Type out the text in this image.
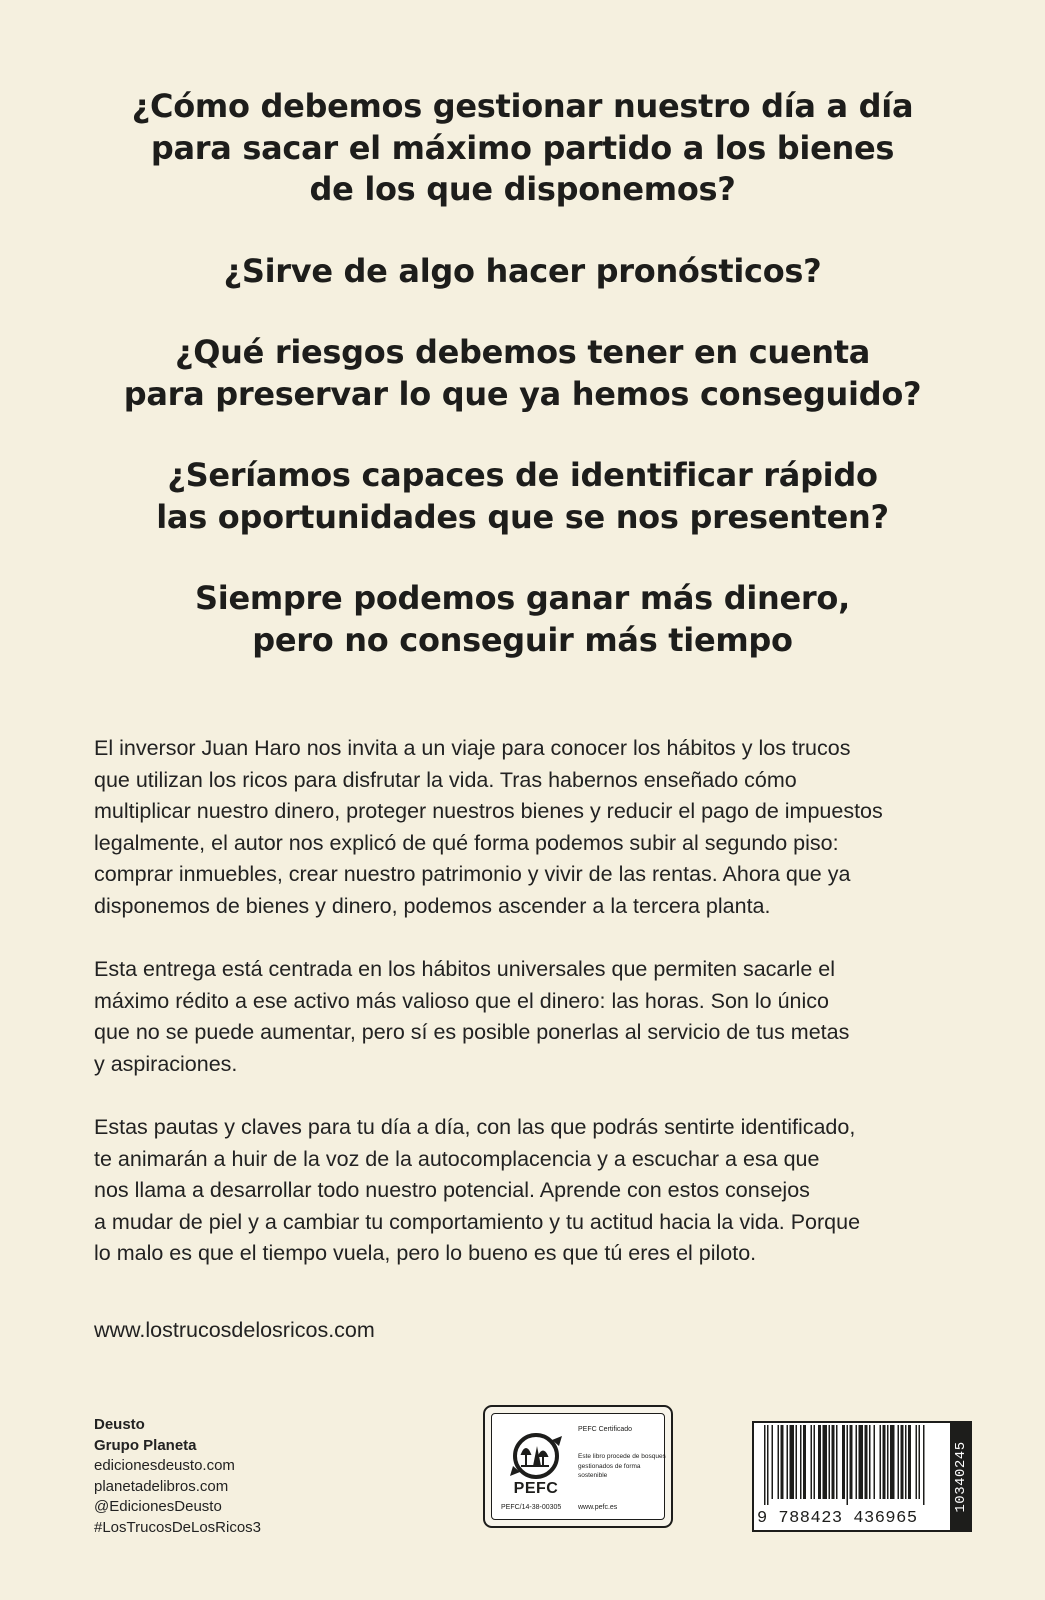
¿Cómo debemos gestionar nuestro día a día
para sacar el máximo partido a los bienes
de los que disponemos?

¿Sirve de algo hacer pronósticos?

¿Qué riesgos debemos tener en cuenta
para preservar lo que ya hemos conseguido?

¿Seríamos capaces de identificar rápido
las oportunidades que se nos presenten?

Siempre podemos ganar más dinero,
pero no conseguir más tiempo

El inversor Juan Haro nos invita a un viaje para conocer los hábitos y los trucos
que utilizan los ricos para disfrutar la vida. Tras habernos enseñado cómo
multiplicar nuestro dinero, proteger nuestros bienes y reducir el pago de impuestos
legalmente, el autor nos explicó de qué forma podemos subir al segundo piso:
comprar inmuebles, crear nuestro patrimonio y vivir de las rentas. Ahora que ya
disponemos de bienes y dinero, podemos ascender a la tercera planta.

Esta entrega está centrada en los hábitos universales que permiten sacarle el
máximo rédito a ese activo más valioso que el dinero: las horas. Son lo único
que no se puede aumentar, pero sí es posible ponerlas al servicio de tus metas
y aspiraciones.

Estas pautas y claves para tu día a día, con las que podrás sentirte identificado,
te animarán a huir de la voz de la autocomplacencia y a escuchar a esa que
nos llama a desarrollar todo nuestro potencial. Aprende con estos consejos
a mudar de piel y a cambiar tu comportamiento y tu actitud hacia la vida. Porque
lo malo es que el tiempo vuela, pero lo bueno es que tú eres el piloto.

www.lostrucosdelosricos.com
Deusto
Grupo Planeta
edicionesdeusto.com
planetadelibros.com
@EdicionesDeusto
#LosTrucosDeLosRicos3
PEFC
PEFC/14-38-00305
PEFC Certificado
Este libro procede de bosques gestionados de forma sostenible
www.pefc.es
9 788423 436965
10340245
